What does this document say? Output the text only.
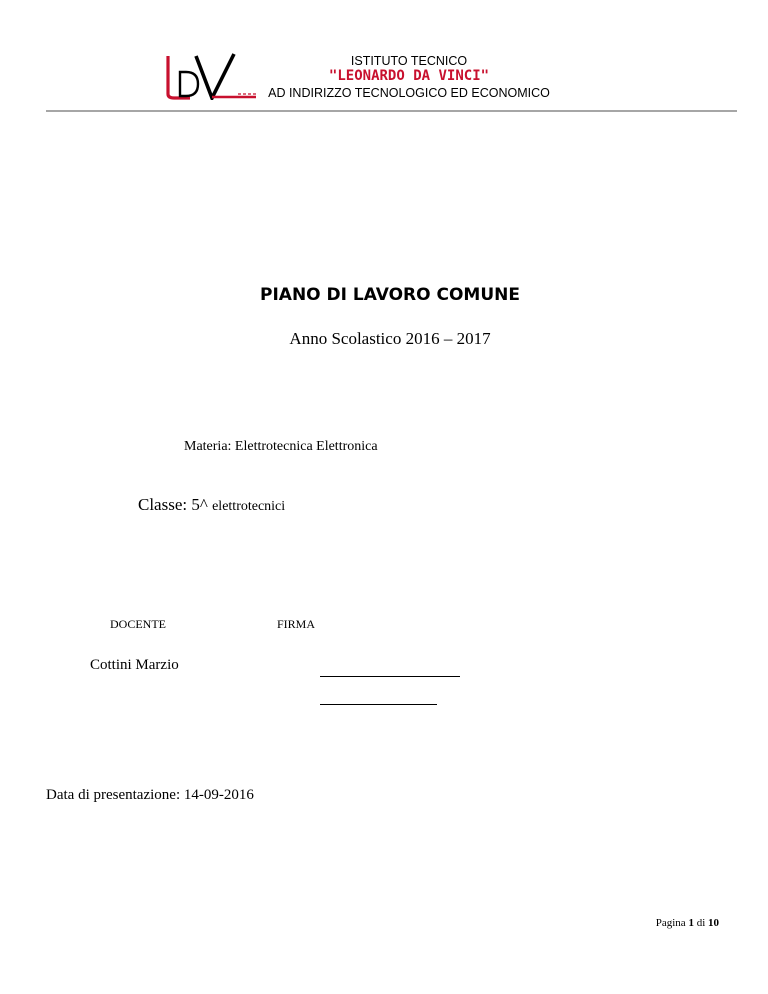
ISTITUTO TECNICO
"LEONARDO DA VINCI"
AD INDIRIZZO TECNOLOGICO ED ECONOMICO
PIANO DI LAVORO COMUNE
Anno Scolastico 2016 – 2017
Materia: Elettrotecnica Elettronica
Classe: 5^ elettrotecnici
DOCENTE	FIRMA
Cottini Marzio
Data di presentazione: 14-09-2016
Pagina 1 di 10
